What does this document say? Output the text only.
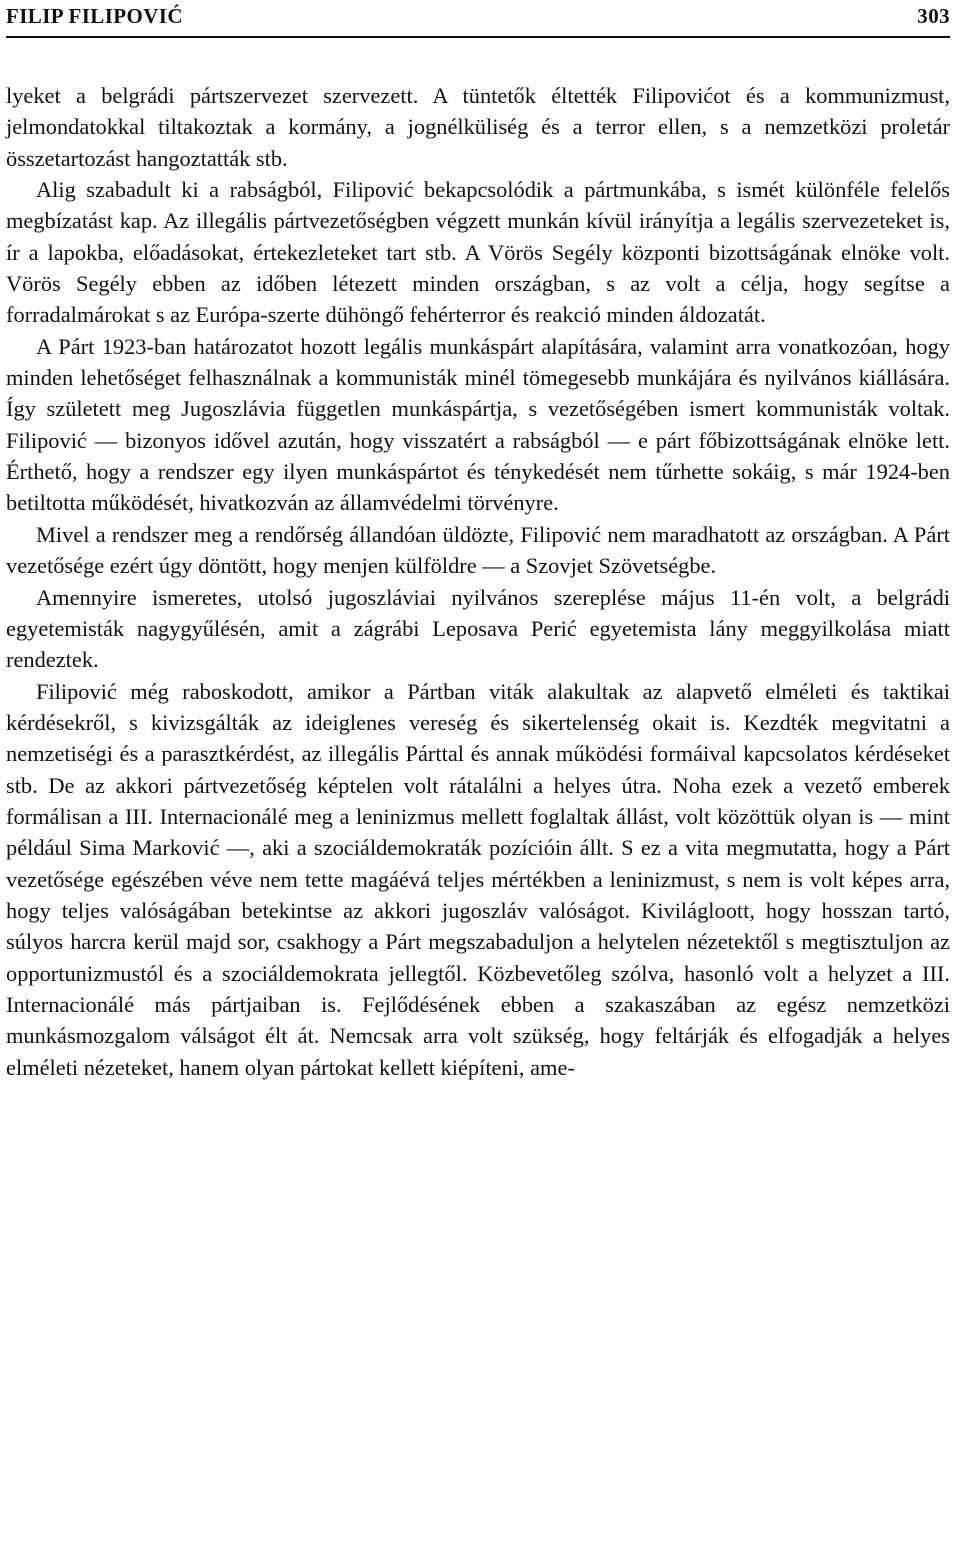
FILIP FILIPOVIĆ	303

lyeket a belgrádi pártszervezet szervezett. A tüntetők éltették Filipovićot és a kommunizmust, jelmondatokkal tiltakoztak a kormány, a jognélküliség és a terror ellen, s a nemzetközi proletár összetartozást hangoztatták stb.

Alig szabadult ki a rabságból, Filipović bekapcsolódik a pártmunkába, s ismét különféle felelős megbízatást kap. Az illegális pártvezetőségben végzett munkán kívül irányítja a legális szervezeteket is, ír a lapokba, előadásokat, értekezleteket tart stb. A Vörös Segély központi bizottságának elnöke volt. Vörös Segély ebben az időben létezett minden országban, s az volt a célja, hogy segítse a forradalmárokat s az Európa-szerte dühöngő fehérterror és reakció minden áldozatát.

A Párt 1923-ban határozatot hozott legális munkáspárt alapítására, valamint arra vonatkozóan, hogy minden lehetőséget felhasználnak a kommunisták minél tömegesebb munkájára és nyilvános kiállására. Így született meg Jugoszlávia független munkáspártja, s vezetőségében ismert kommunisták voltak. Filipović — bizonyos idővel azután, hogy visszatért a rabságból — e párt főbizottságának elnöke lett. Érthető, hogy a rendszer egy ilyen munkáspártot és ténykedését nem tűrhette sokáig, s már 1924-ben betiltotta működését, hivatkozván az államvédelmi törvényre.

Mivel a rendszer meg a rendőrség állandóan üldözte, Filipović nem maradhatott az országban. A Párt vezetősége ezért úgy döntött, hogy menjen külföldre — a Szovjet Szövetségbe.

Amennyire ismeretes, utolsó jugoszláviai nyilvános szereplése május 11-én volt, a belgrádi egyetemisták nagygyűlésén, amit a zágrábi Leposava Perić egyetemista lány meggyilkolása miatt rendeztek.

Filipović még raboskodott, amikor a Pártban viták alakultak az alapvető elméleti és taktikai kérdésekről, s kivizsgálták az ideiglenes vereség és sikertelenség okait is. Kezdték megvitatni a nemzetiségi és a parasztkérdést, az illegális Párttal és annak működési formáival kapcsolatos kérdéseket stb. De az akkori pártvezetőség képtelen volt rátalálni a helyes útra. Noha ezek a vezető emberek formálisan a III. Internacionálé meg a leninizmus mellett foglaltak állást, volt közöttük olyan is — mint például Sima Marković —, aki a szociáldemokraták pozícióin állt. S ez a vita megmutatta, hogy a Párt vezetősége egészében véve nem tette magáévá teljes mértékben a leninizmust, s nem is volt képes arra, hogy teljes valóságában betekintse az akkori jugoszláv valóságot. Kivilágloott, hogy hosszan tartó, súlyos harcra kerül majd sor, csakhogy a Párt megszabaduljon a helytelen nézetektől s megtisztuljon az opportunizmustól és a szociáldemokrata jellegtől. Közbevetőleg szólva, hasonló volt a helyzet a III. Internacionálé más pártjaiban is. Fejlődésének ebben a szakaszában az egész nemzetközi munkásmozgalom válságot élt át. Nemcsak arra volt szükség, hogy feltárják és elfogadják a helyes elméleti nézeteket, hanem olyan pártokat kellett kiépíteni, ame-
